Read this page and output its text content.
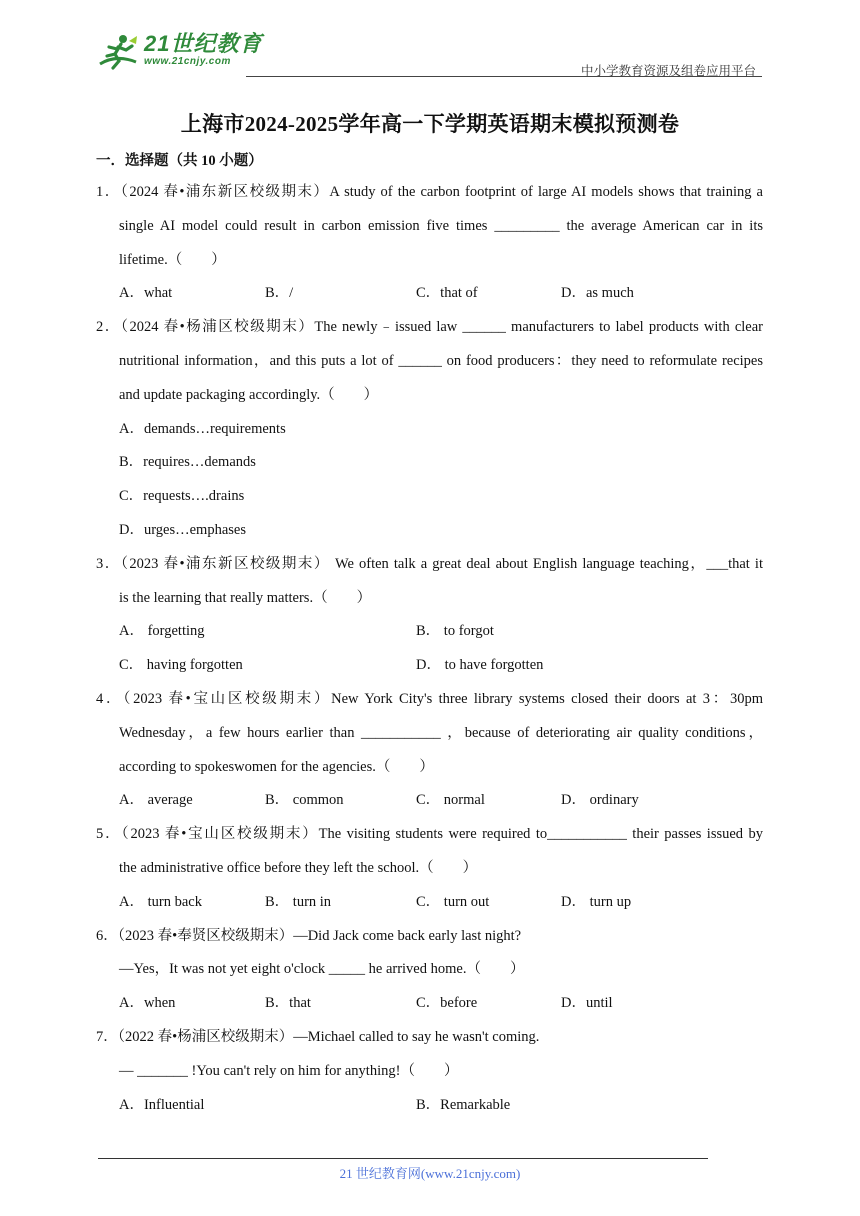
21世纪教育
www.21cnjy.com
中小学教育资源及组卷应用平台
上海市2024-2025学年高一下学期英语期末模拟预测卷
一．选择题（共 10 小题）
1．（2024 春•浦东新区校级期末）A study of the carbon footprint of large AI models shows that training a
single AI model could result in carbon emission five times _________ the average American car in its
lifetime.（　　）
A．what	B．/	C．that of	D．as much
2．（2024 春•杨浦区校级期末）The newly﹣issued law ______ manufacturers to label products with clear
nutritional information，and this puts a lot of ______ on food producers：they need to reformulate recipes
and update packaging accordingly.（　　）
A．demands…requirements
B．requires…demands
C．requests….drains
D．urges…emphases
3．（2023 春•浦东新区校级期末） We often talk a great deal about English language teaching，___that it
is the learning that really matters.（　　）
A． forgetting	B． to forgot
C． having forgotten	D． to have forgotten
4．（2023 春•宝山区校级期末）New York City's three library systems closed their doors at 3：30pm
Wednesday，a few hours earlier than ___________ ，because of deteriorating air quality conditions，
according to spokeswomen for the agencies.（　　）
A． average	B． common	C． normal	D． ordinary
5．（2023 春•宝山区校级期末）The visiting students were required to___________ their passes issued by
the administrative office before they left the school.（　　）
A． turn back	B． turn in	C． turn out	D． turn up
6．（2023 春•奉贤区校级期末）—Did Jack come back early last night?
—Yes，It was not yet eight o'clock _____ he arrived home.（　　）
A．when	B．that	C．before	D．until
7．（2022 春•杨浦区校级期末）—Michael called to say he wasn't coming.
— _______ !You can't rely on him for anything!（　　）
A．Influential	B．Remarkable
21 世纪教育网(www.21cnjy.com)
